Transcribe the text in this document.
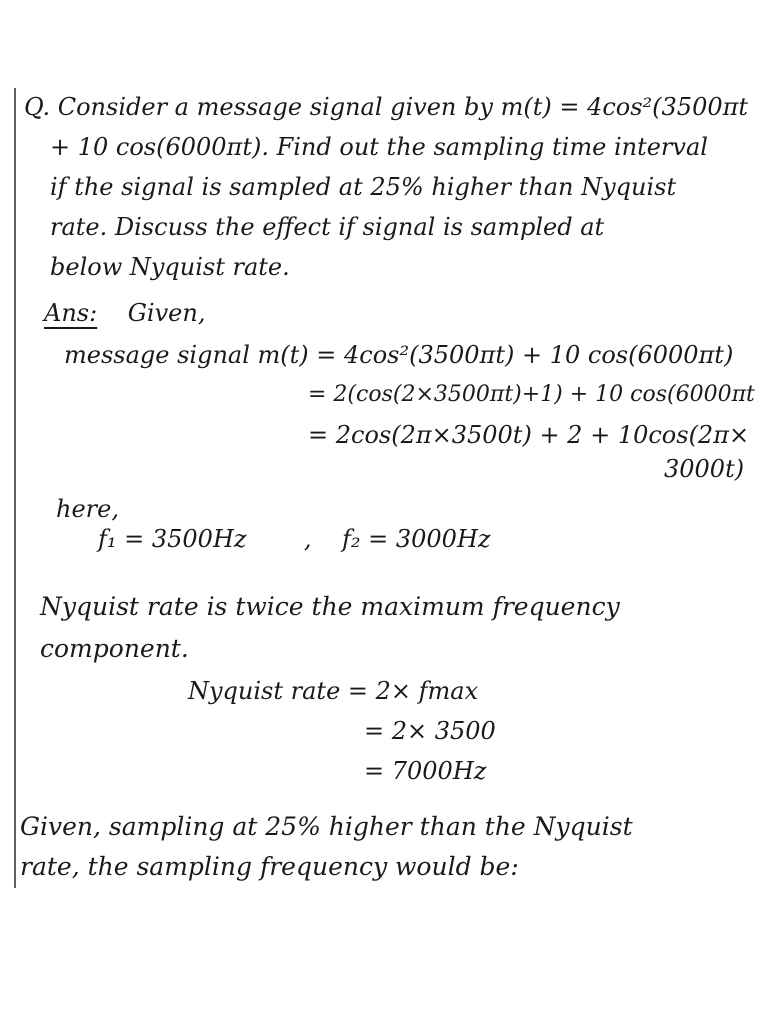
Q. Consider a message signal given by m(t) = 4cos²(3500πt
+ 10 cos(6000πt). Find out the sampling time interval
if the signal is sampled at 25% higher than Nyquist
rate. Discuss the effect if signal is sampled at
below Nyquist rate.
Ans: Given,
message signal m(t) = 4cos²(3500πt) + 10 cos(6000πt)
= 2(cos(2×3500πt)+1) + 10 cos(6000πt
= 2cos(2π×3500t) + 2 + 10cos(2π×
3000t)
here,
f₁ = 3500Hz , f₂ = 3000Hz
Nyquist rate is twice the maximum frequency
component.
Nyquist rate = 2× fmax
= 2× 3500
= 7000Hz
Given, sampling at 25% higher than the Nyquist
rate, the sampling frequency would be:
